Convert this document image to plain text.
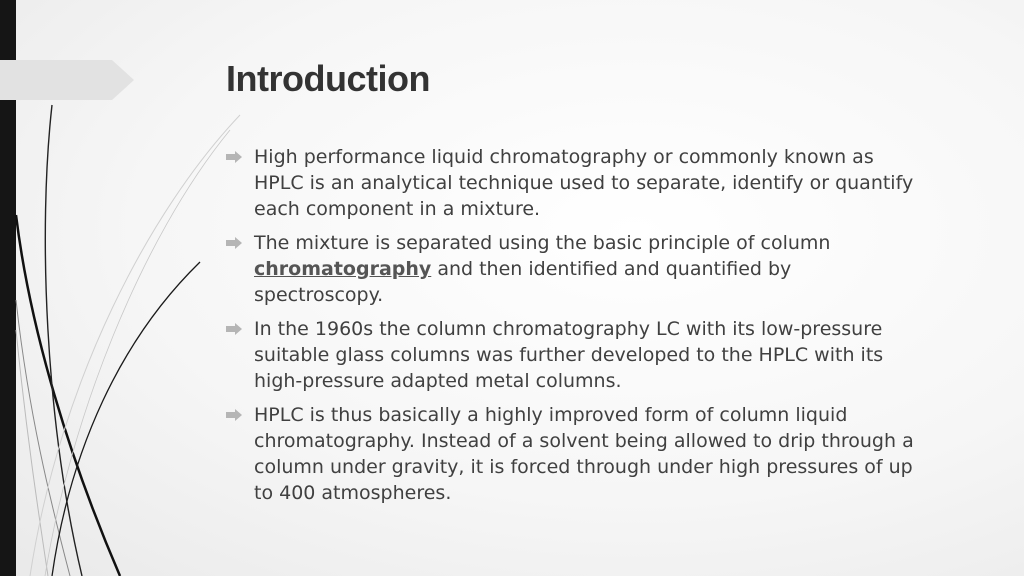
Introduction

High performance liquid chromatography or commonly known as HPLC is an analytical technique used to separate, identify or quantify each component in a mixture.

The mixture is separated using the basic principle of column chromatography and then identified and quantified by spectroscopy.

In the 1960s the column chromatography LC with its low-pressure suitable glass columns was further developed to the HPLC with its high-pressure adapted metal columns.

HPLC is thus basically a highly improved form of column liquid chromatography. Instead of a solvent being allowed to drip through a column under gravity, it is forced through under high pressures of up to 400 atmospheres.
